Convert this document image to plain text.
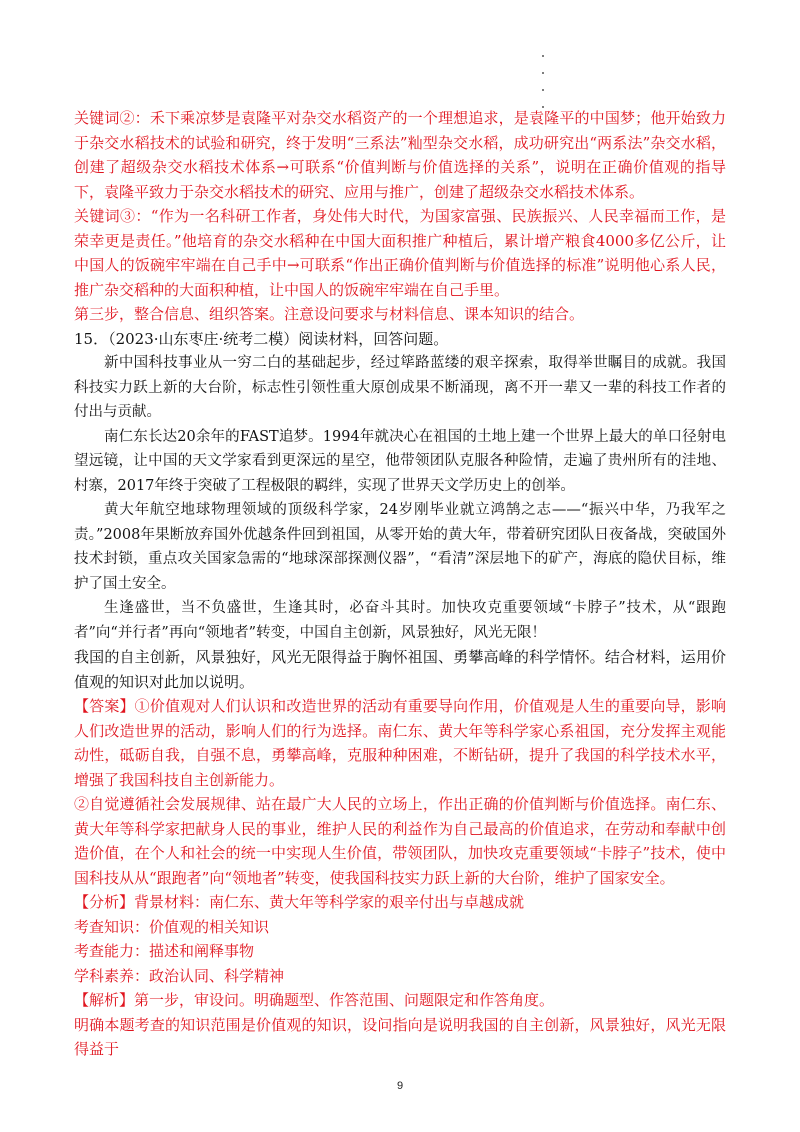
关键词②：禾下乘凉梦是袁隆平对杂交水稻资产的一个理想追求，是袁隆平的中国梦；他开始致力于杂交水稻技术的试验和研究，终于发明“三系法”籼型杂交水稻，成功研究出“两系法”杂交水稻，创建了超级杂交水稻技术体系→可联系“价值判断与价值选择的关系”，说明在正确价值观的指导下，袁隆平致力于杂交水稻技术的研究、应用与推广，创建了超级杂交水稻技术体系。

关键词③：“作为一名科研工作者，身处伟大时代，为国家富强、民族振兴、人民幸福而工作，是荣幸更是责任。”他培育的杂交水稻种在中国大面积推广种植后，累计增产粮食4000多亿公斤，让中国人的饭碗牢牢端在自己手中→可联系“作出正确价值判断与价值选择的标准”说明他心系人民，推广杂交稻种的大面积种植，让中国人的饭碗牢牢端在自己手里。

第三步，整合信息、组织答案。注意设问要求与材料信息、课本知识的结合。

15．（2023·山东枣庄·统考二模）阅读材料，回答问题。

新中国科技事业从一穷二白的基础起步，经过筚路蓝缕的艰辛探索，取得举世瞩目的成就。我国科技实力跃上新的大台阶，标志性引领性重大原创成果不断涌现，离不开一辈又一辈的科技工作者的付出与贡献。

南仁东长达20余年的FAST追梦。1994年就决心在祖国的土地上建一个世界上最大的单口径射电望远镜，让中国的天文学家看到更深远的星空，他带领团队克服各种险情，走遍了贵州所有的洼地、村寨，2017年终于突破了工程极限的羁绊，实现了世界天文学历史上的创举。

黄大年航空地球物理领域的顶级科学家，24岁刚毕业就立鸿鹄之志——“振兴中华，乃我军之责。”2008年果断放弃国外优越条件回到祖国，从零开始的黄大年，带着研究团队日夜备战，突破国外技术封锁，重点攻关国家急需的“地球深部探测仪器”，“看清”深层地下的矿产，海底的隐伏目标，维护了国土安全。

生逢盛世，当不负盛世，生逢其时，必奋斗其时。加快攻克重要领域“卡脖子”技术，从“跟跑者”向“并行者”再向“领地者”转变，中国自主创新，风景独好，风光无限！

我国的自主创新，风景独好，风光无限得益于胸怀祖国、勇攀高峰的科学情怀。结合材料，运用价值观的知识对此加以说明。

【答案】①价值观对人们认识和改造世界的活动有重要导向作用，价值观是人生的重要向导，影响人们改造世界的活动，影响人们的行为选择。南仁东、黄大年等科学家心系祖国，充分发挥主观能动性，砥砺自我，自强不息，勇攀高峰，克服种种困难，不断钻研，提升了我国的科学技术水平，增强了我国科技自主创新能力。

②自觉遵循社会发展规律、站在最广大人民的立场上，作出正确的价值判断与价值选择。南仁东、黄大年等科学家把献身人民的事业，维护人民的利益作为自己最高的价值追求，在劳动和奉献中创造价值，在个人和社会的统一中实现人生价值，带领团队，加快攻克重要领域“卡脖子”技术，使中国科技从从“跟跑者”向“领地者”转变，使我国科技实力跃上新的大台阶，维护了国家安全。

【分析】背景材料：南仁东、黄大年等科学家的艰辛付出与卓越成就

考查知识：价值观的相关知识

考查能力：描述和阐释事物

学科素养：政治认同、科学精神

【解析】第一步，审设问。明确题型、作答范围、问题限定和作答角度。

明确本题考查的知识范围是价值观的知识，设问指向是说明我国的自主创新，风景独好，风光无限得益于

9
